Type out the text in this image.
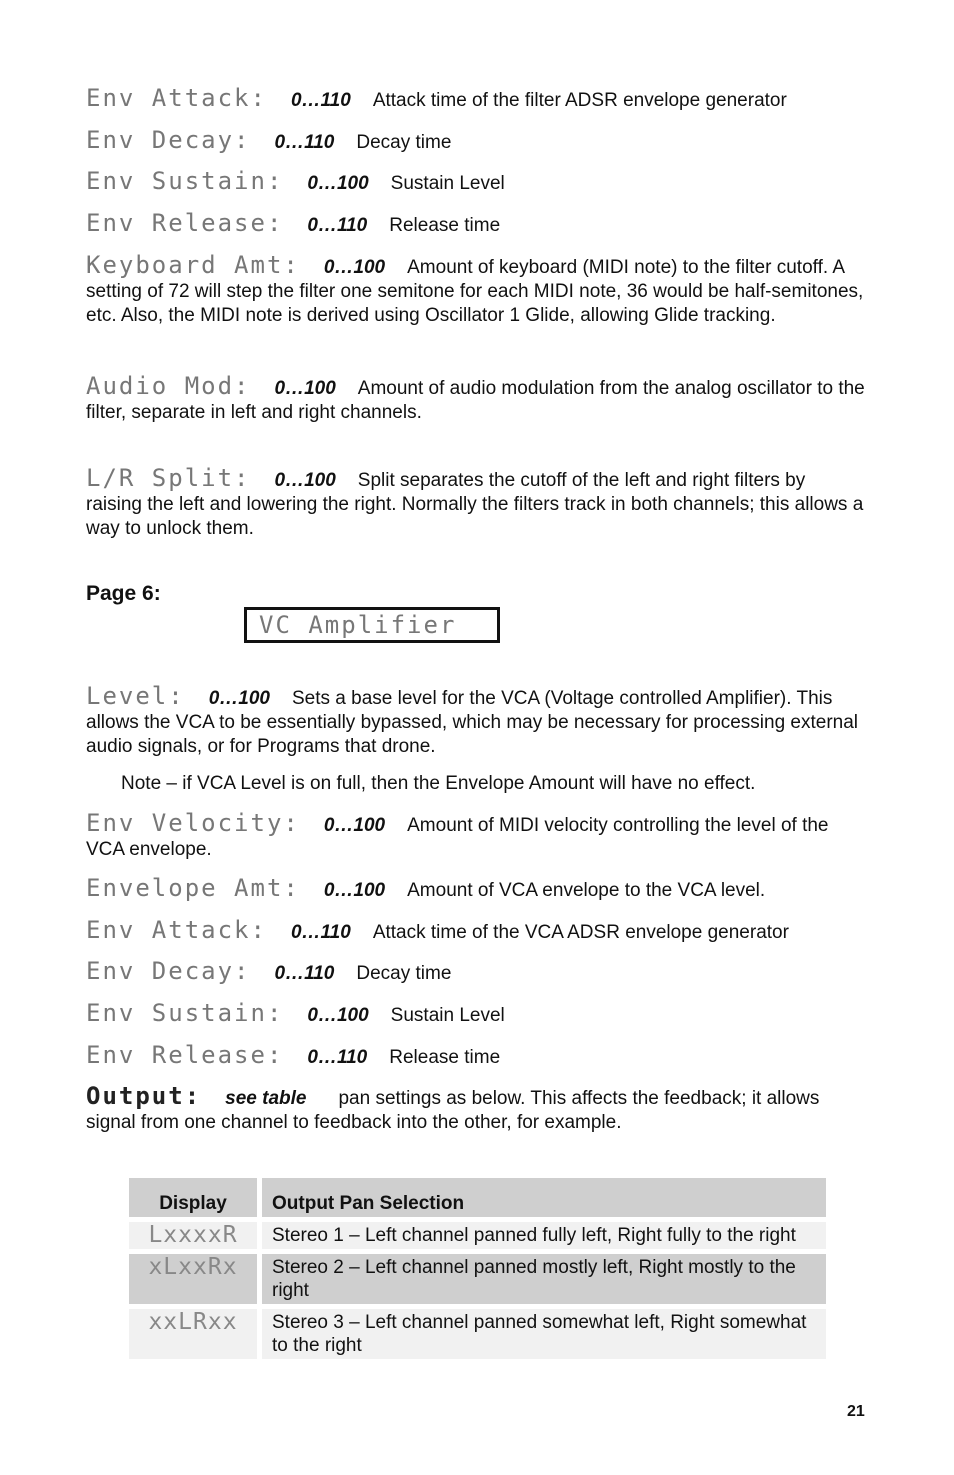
Env Attack: 0…110 Attack time of the filter ADSR envelope generator
Env Decay: 0…110 Decay time
Env Sustain: 0…100 Sustain Level
Env Release: 0…110 Release time
Keyboard Amt: 0…100 Amount of keyboard (MIDI note) to the filter cutoff. A setting of 72 will step the filter one semitone for each MIDI note, 36 would be half-semitones, etc. Also, the MIDI note is derived using Oscillator 1 Glide, allowing Glide tracking.
Audio Mod: 0…100 Amount of audio modulation from the analog oscillator to the filter, separate in left and right channels.
L/R Split: 0…100 Split separates the cutoff of the left and right filters by raising the left and lowering the right. Normally the filters track in both channels; this allows a way to unlock them.
Page 6:
VC Amplifier
Level: 0…100 Sets a base level for the VCA (Voltage controlled Amplifier). This allows the VCA to be essentially bypassed, which may be necessary for processing external audio signals, or for Programs that drone.
Note – if VCA Level is on full, then the Envelope Amount will have no effect.
Env Velocity: 0…100 Amount of MIDI velocity controlling the level of the VCA envelope.
Envelope Amt: 0…100 Amount of VCA envelope to the VCA level.
Env Attack: 0…110 Attack time of the VCA ADSR envelope generator
Env Decay: 0…110 Decay time
Env Sustain: 0…100 Sustain Level
Env Release: 0…110 Release time
Output: see table pan settings as below. This affects the feedback; it allows signal from one channel to feedback into the other, for example.
Display	Output Pan Selection
LxxxxR	Stereo 1 – Left channel panned fully left, Right fully to the right
xLxxRx	Stereo 2 – Left channel panned mostly left, Right mostly to the right
xxLRxx	Stereo 3 – Left channel panned somewhat left, Right somewhat to the right
21
